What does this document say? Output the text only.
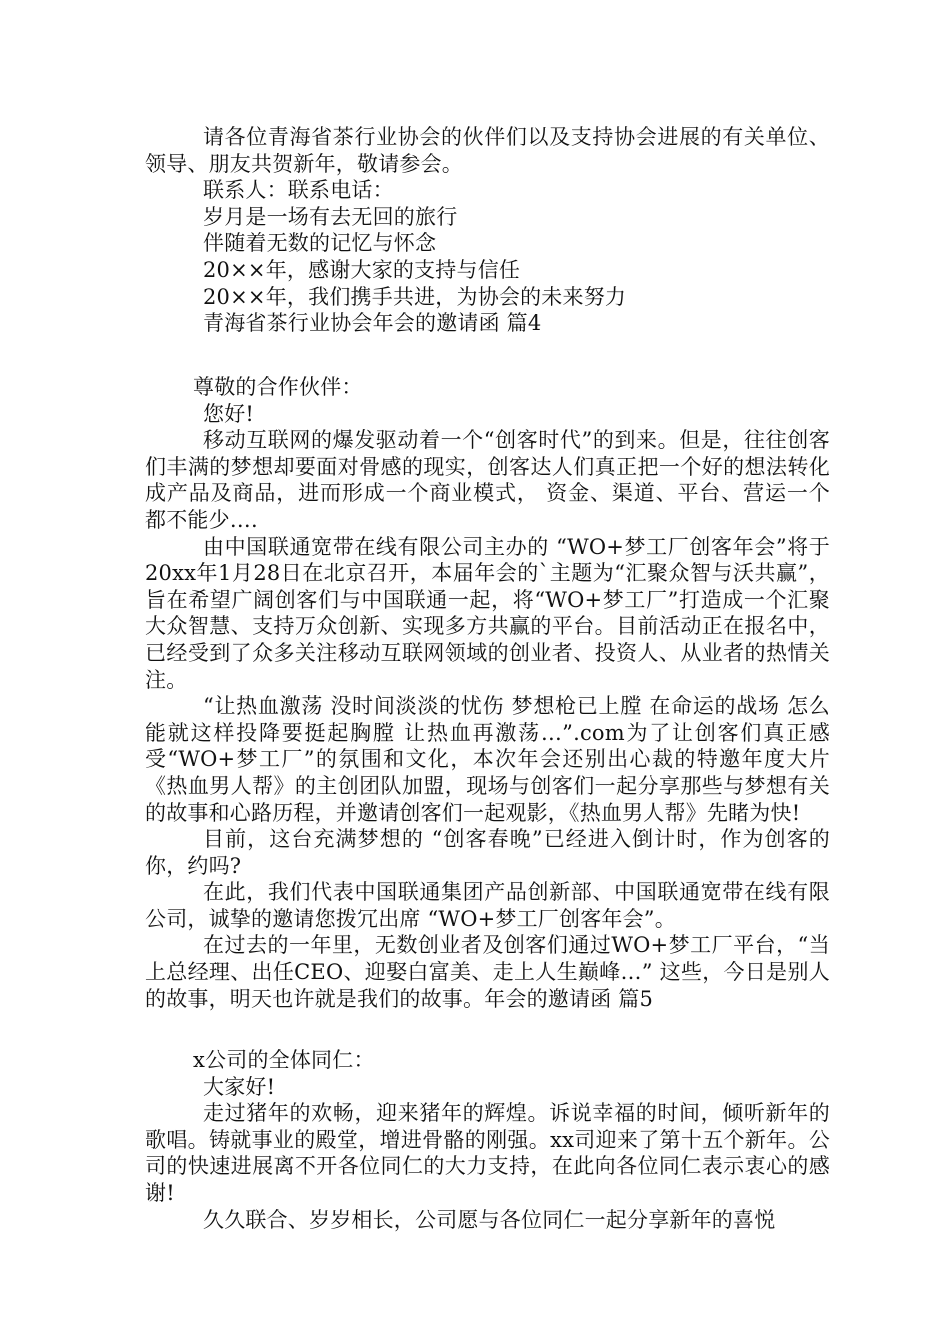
请各位青海省茶行业协会的伙伴们以及支持协会进展的有关单位、领导、朋友共贺新年，敬请参会。

联系人：联系电话：

岁月是一场有去无回的旅行

伴随着无数的记忆与怀念

20××年，感谢大家的支持与信任

20××年，我们携手共进，为协会的未来努力

青海省茶行业协会年会的邀请函 篇4

尊敬的合作伙伴：

您好!

移动互联网的爆发驱动着一个“创客时代”的到来。但是，往往创客们丰满的梦想却要面对骨感的现实，创客达人们真正把一个好的想法转化成产品及商品，进而形成一个商业模式， 资金、渠道、平台、营运一个都不能少….

由中国联通宽带在线有限公司主办的 “WO+梦工厂创客年会”将于20xx年1月28日在北京召开，本届年会的`主题为“汇聚众智与沃共赢”，旨在希望广阔创客们与中国联通一起，将“WO+梦工厂”打造成一个汇聚大众智慧、支持万众创新、实现多方共赢的平台。目前活动正在报名中，已经受到了众多关注移动互联网领域的创业者、投资人、从业者的热情关注。

“让热血激荡 没时间淡淡的忧伤 梦想枪已上膛 在命运的战场 怎么能就这样投降要挺起胸膛 让热血再激荡…”.com为了让创客们真正感受“WO+梦工厂”的氛围和文化，本次年会还别出心裁的特邀年度大片《热血男人帮》的主创团队加盟，现场与创客们一起分享那些与梦想有关的故事和心路历程，并邀请创客们一起观影，《热血男人帮》先睹为快!

目前，这台充满梦想的 “创客春晚”已经进入倒计时，作为创客的你，约吗?

在此，我们代表中国联通集团产品创新部、中国联通宽带在线有限公司，诚挚的邀请您拨冗出席 “WO+梦工厂创客年会”。

在过去的一年里，无数创业者及创客们通过WO+梦工厂平台，“当上总经理、出任CEO、迎娶白富美、走上人生巅峰…” 这些，今日是别人的故事，明天也许就是我们的故事。年会的邀请函 篇5

x公司的全体同仁：

大家好!

走过猪年的欢畅，迎来猪年的辉煌。诉说幸福的时间，倾听新年的歌唱。铸就事业的殿堂，增进骨骼的刚强。xx司迎来了第十五个新年。公司的快速进展离不开各位同仁的大力支持，在此向各位同仁表示衷心的感谢!

久久联合、岁岁相长，公司愿与各位同仁一起分享新年的喜悦
